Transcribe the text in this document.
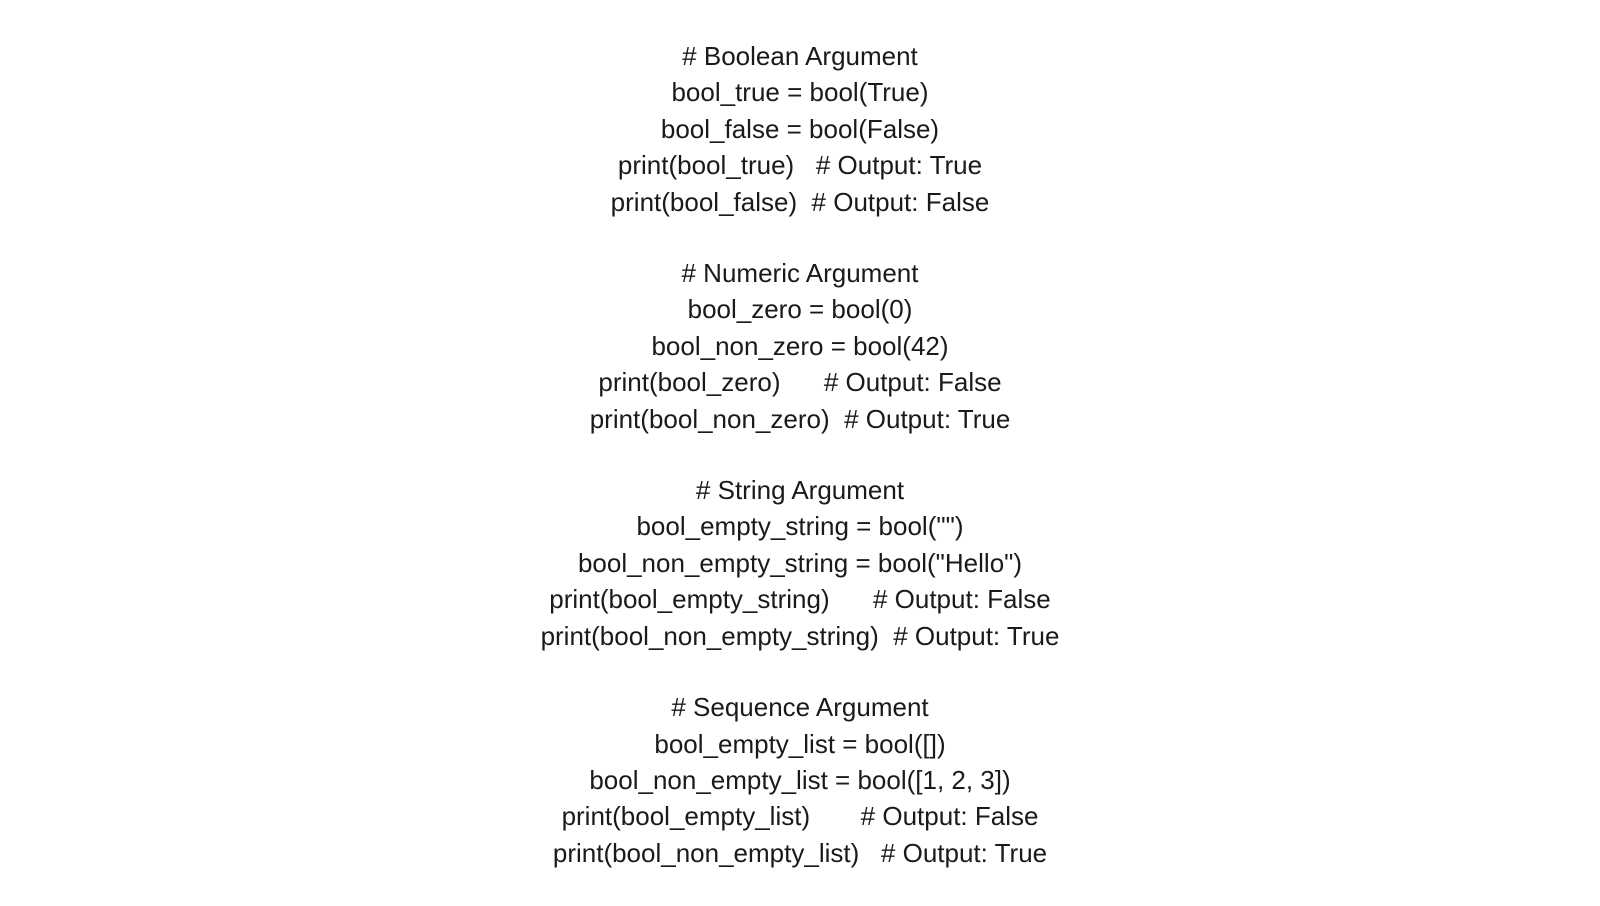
# Boolean Argument
bool_true = bool(True)
bool_false = bool(False)
print(bool_true)   # Output: True
print(bool_false)  # Output: False
# Numeric Argument
bool_zero = bool(0)
bool_non_zero = bool(42)
print(bool_zero)      # Output: False
print(bool_non_zero)  # Output: True
# String Argument
bool_empty_string = bool("")
bool_non_empty_string = bool("Hello")
print(bool_empty_string)      # Output: False
print(bool_non_empty_string)  # Output: True
# Sequence Argument
bool_empty_list = bool([])
bool_non_empty_list = bool([1, 2, 3])
print(bool_empty_list)       # Output: False
print(bool_non_empty_list)   # Output: True
